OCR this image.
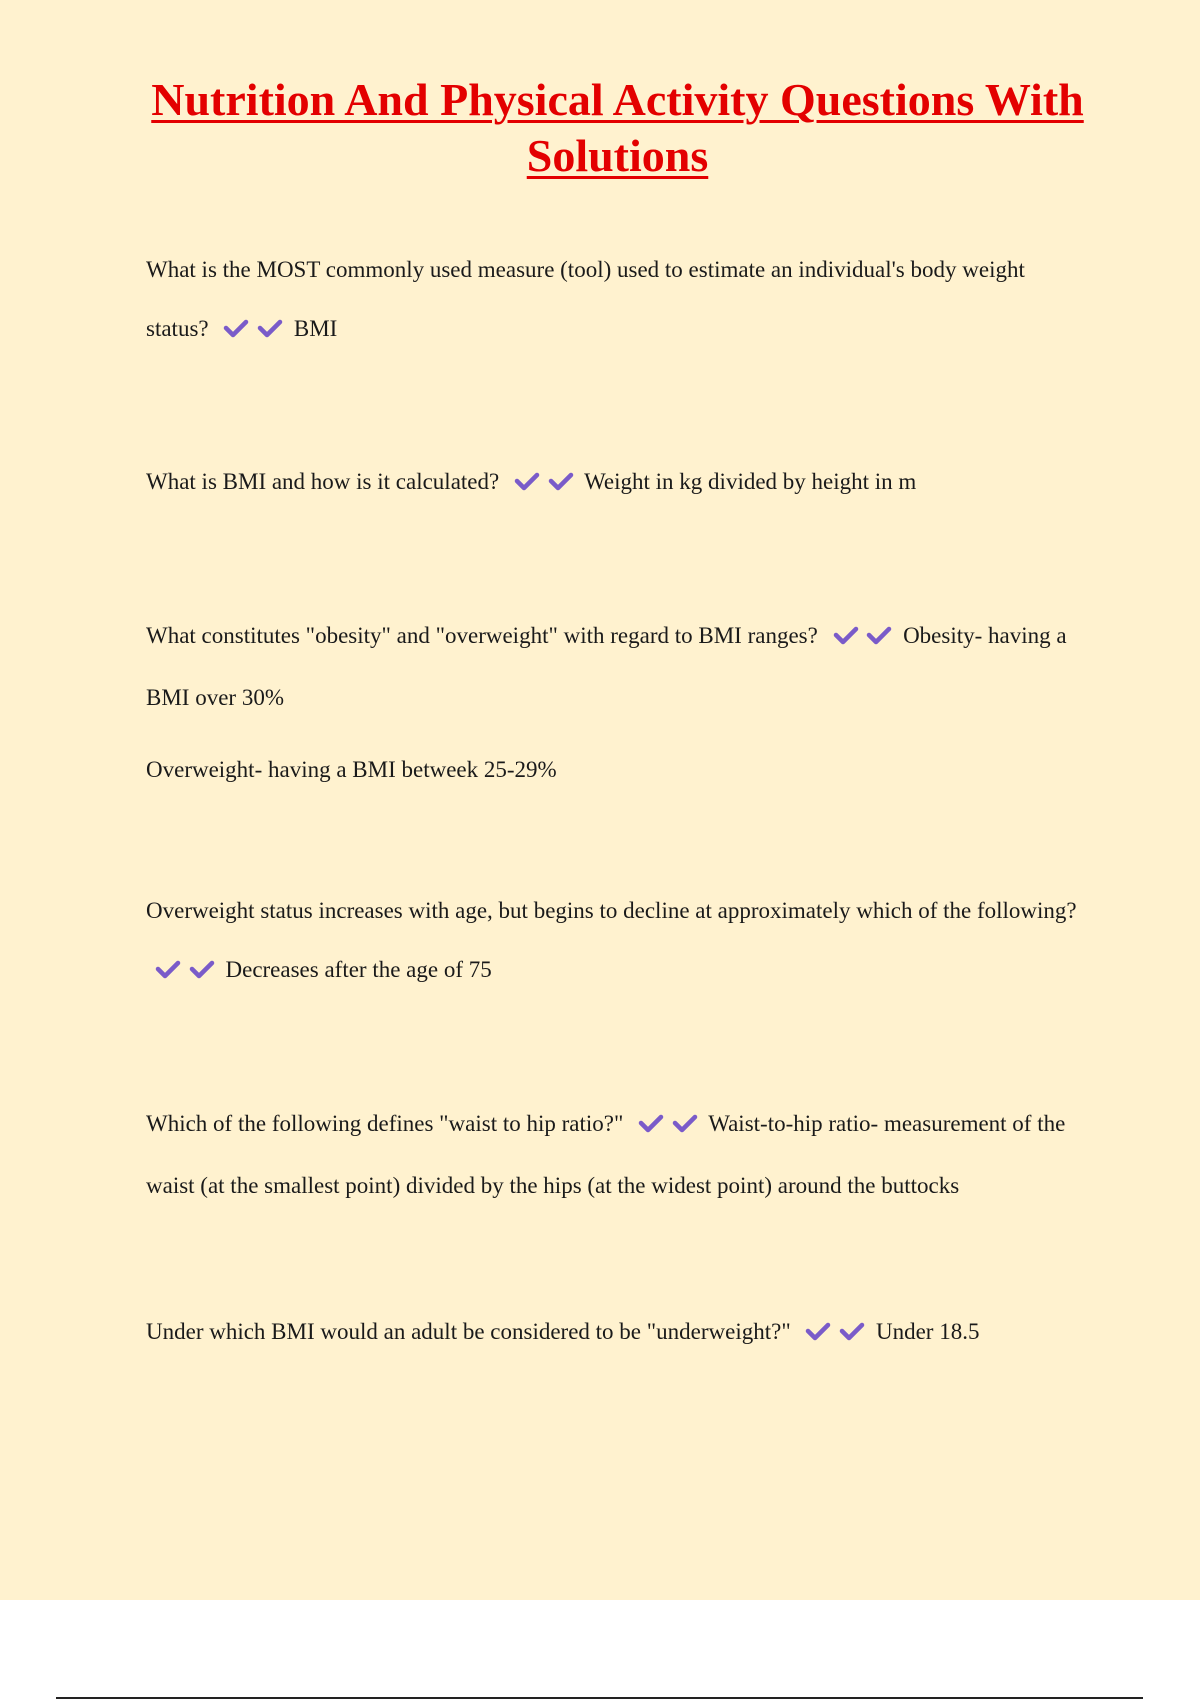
Nutrition And Physical Activity Questions With Solutions

What is the MOST commonly used measure (tool) used to estimate an individual's body weight status?
	BMI

What is BMI and how is it calculated?
	Weight in kg divided by height in m

What constitutes "obesity" and "overweight" with regard to BMI ranges?
	Obesity- having a BMI over 30%

Overweight- having a BMI betweek 25-29%

Overweight status increases with age, but begins to decline at approximately which of the following?

Decreases after the age of 75

Which of the following defines "waist to hip ratio?"
	Waist-to-hip ratio- measurement of the waist (at the smallest point) divided by the hips (at the widest point) around the buttocks

Under which BMI would an adult be considered to be "underweight?"
	Under 18.5
